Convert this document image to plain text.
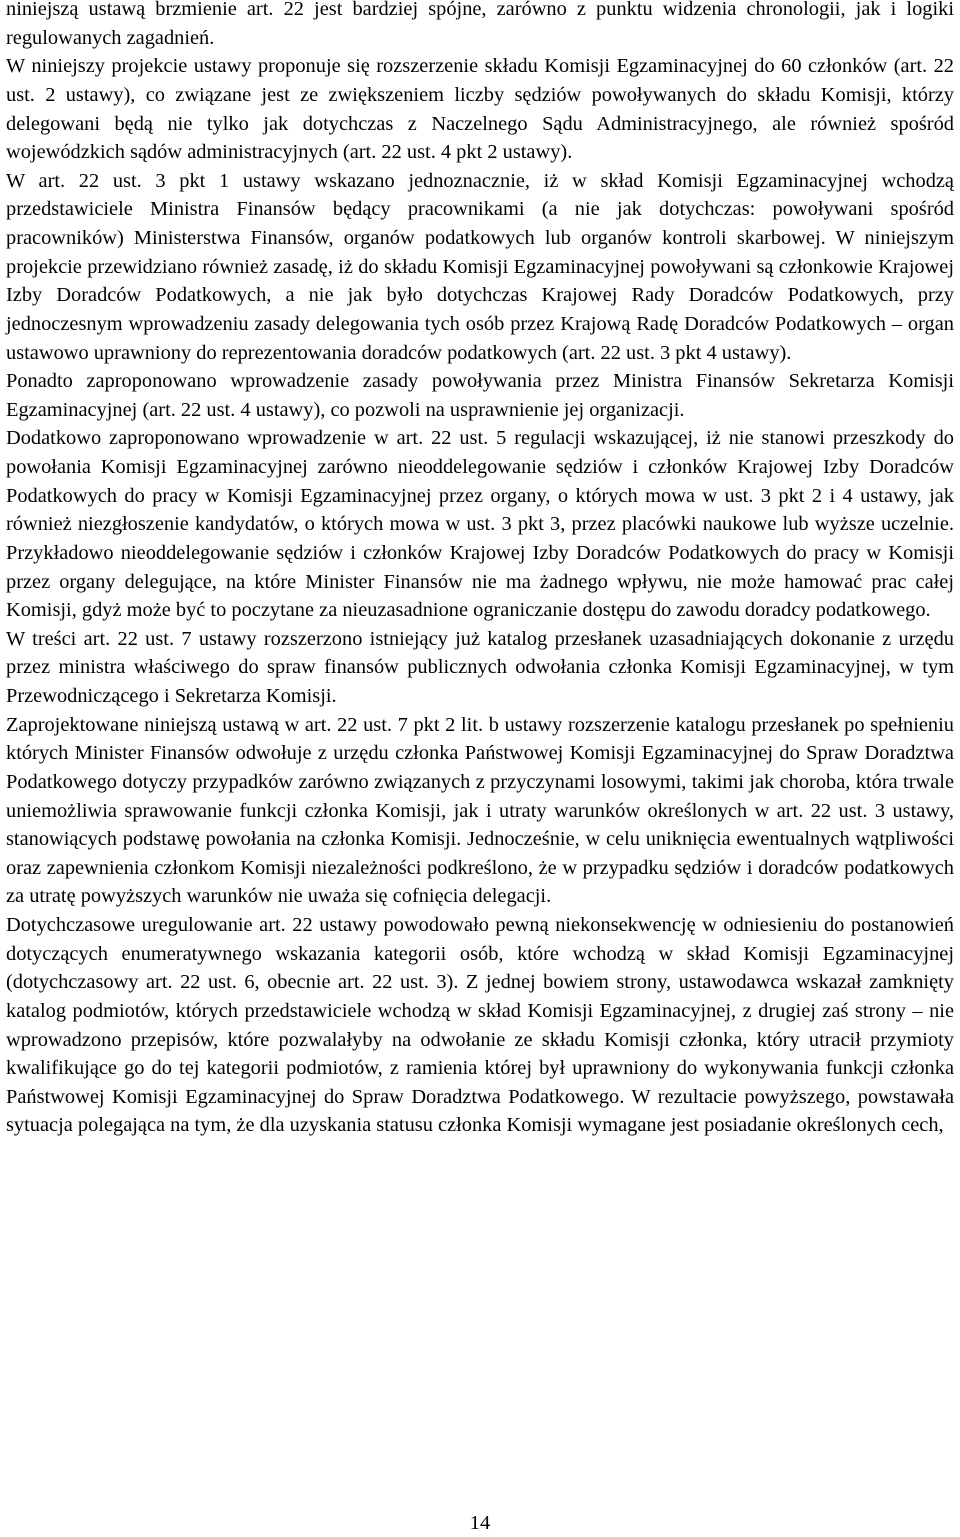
niniejszą ustawą brzmienie art. 22 jest bardziej spójne, zarówno z punktu widzenia chronologii, jak i logiki regulowanych zagadnień.

W niniejszy projekcie ustawy proponuje się rozszerzenie składu Komisji Egzaminacyjnej do 60 członków (art. 22 ust. 2 ustawy), co związane jest ze zwiększeniem liczby sędziów powoływanych do składu Komisji, którzy delegowani będą nie tylko jak dotychczas z Naczelnego Sądu Administracyjnego, ale również spośród wojewódzkich sądów administracyjnych (art. 22 ust. 4 pkt 2 ustawy).

W art. 22 ust. 3 pkt 1 ustawy wskazano jednoznacznie, iż w skład Komisji Egzaminacyjnej wchodzą przedstawiciele Ministra Finansów będący pracownikami (a nie jak dotychczas: powoływani spośród pracowników) Ministerstwa Finansów, organów podatkowych lub organów kontroli skarbowej. W niniejszym projekcie przewidziano również zasadę, iż do składu Komisji Egzaminacyjnej powoływani są członkowie Krajowej Izby Doradców Podatkowych, a nie jak było dotychczas Krajowej Rady Doradców Podatkowych, przy jednoczesnym wprowadzeniu zasady delegowania tych osób przez Krajową Radę Doradców Podatkowych – organ ustawowo uprawniony do reprezentowania doradców podatkowych (art. 22 ust. 3 pkt 4 ustawy).

Ponadto zaproponowano wprowadzenie zasady powoływania przez Ministra Finansów Sekretarza Komisji Egzaminacyjnej (art. 22 ust. 4 ustawy), co pozwoli na usprawnienie jej organizacji.

Dodatkowo zaproponowano wprowadzenie w art. 22 ust. 5 regulacji wskazującej, iż nie stanowi przeszkody do powołania Komisji Egzaminacyjnej zarówno nieoddelegowanie sędziów i członków Krajowej Izby Doradców Podatkowych do pracy w Komisji Egzaminacyjnej przez organy, o których mowa w ust. 3 pkt 2 i 4 ustawy, jak również niezgłoszenie kandydatów, o których mowa w ust. 3 pkt 3, przez placówki naukowe lub wyższe uczelnie. Przykładowo nieoddelegowanie sędziów i członków Krajowej Izby Doradców Podatkowych do pracy w Komisji przez organy delegujące, na które Minister Finansów nie ma żadnego wpływu, nie może hamować prac całej Komisji, gdyż może być to poczytane za nieuzasadnione ograniczanie dostępu do zawodu doradcy podatkowego.

W treści art. 22 ust. 7 ustawy rozszerzono istniejący już katalog przesłanek uzasadniających dokonanie z urzędu przez ministra właściwego do spraw finansów publicznych odwołania członka Komisji Egzaminacyjnej, w tym Przewodniczącego i Sekretarza Komisji.

Zaprojektowane niniejszą ustawą w art. 22 ust. 7 pkt 2 lit. b ustawy rozszerzenie katalogu przesłanek po spełnieniu których Minister Finansów odwołuje z urzędu członka Państwowej Komisji Egzaminacyjnej do Spraw Doradztwa Podatkowego dotyczy przypadków zarówno związanych z przyczynami losowymi, takimi jak choroba, która trwale uniemożliwia sprawowanie funkcji członka Komisji, jak i utraty warunków określonych w art. 22 ust. 3 ustawy, stanowiących podstawę powołania na członka Komisji. Jednocześnie, w celu uniknięcia ewentualnych wątpliwości oraz zapewnienia członkom Komisji niezależności podkreślono, że w przypadku sędziów i doradców podatkowych za utratę powyższych warunków nie uważa się cofnięcia delegacji.

Dotychczasowe uregulowanie art. 22 ustawy powodowało pewną niekonsekwencję w odniesieniu do postanowień dotyczących enumeratywnego wskazania kategorii osób, które wchodzą w skład Komisji Egzaminacyjnej (dotychczasowy art. 22 ust. 6, obecnie art. 22 ust. 3). Z jednej bowiem strony, ustawodawca wskazał zamknięty katalog podmiotów, których przedstawiciele wchodzą w skład Komisji Egzaminacyjnej, z drugiej zaś strony – nie wprowadzono przepisów, które pozwalałyby na odwołanie ze składu Komisji członka, który utracił przymioty kwalifikujące go do tej kategorii podmiotów, z ramienia której był uprawniony do wykonywania funkcji członka Państwowej Komisji Egzaminacyjnej do Spraw Doradztwa Podatkowego. W rezultacie powyższego, powstawała sytuacja polegająca na tym, że dla uzyskania statusu członka Komisji wymagane jest posiadanie określonych cech,

14
